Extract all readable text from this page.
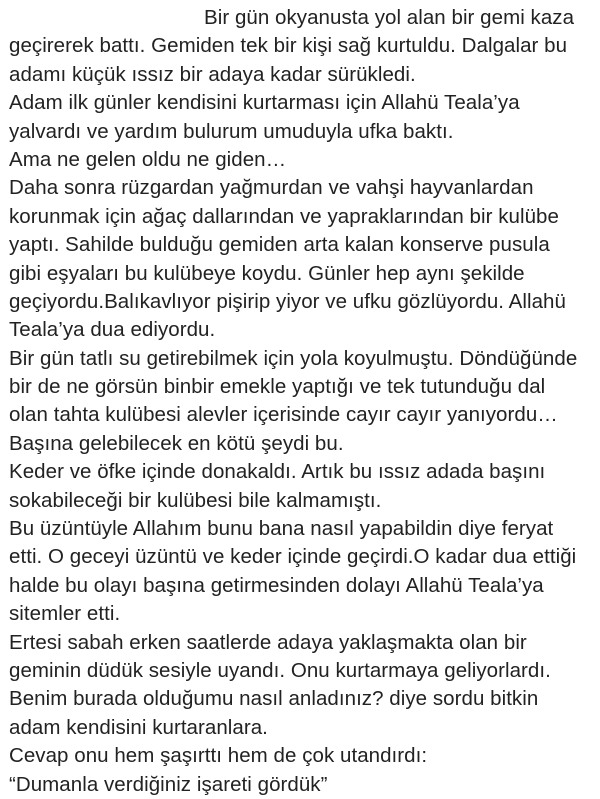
Bir gün okyanusta yol alan bir gemi kaza
geçirerek battı. Gemiden tek bir kişi sağ kurtuldu. Dalgalar bu
adamı küçük ıssız bir adaya kadar sürükledi.
Adam ilk günler kendisini kurtarması için Allahü Teala’ya
yalvardı ve yardım bulurum umuduyla ufka baktı.
Ama ne gelen oldu ne giden…
Daha sonra rüzgardan yağmurdan ve vahşi hayvanlardan
korunmak için ağaç dallarından ve yapraklarından bir kulübe
yaptı. Sahilde bulduğu gemiden arta kalan konserve pusula
gibi eşyaları bu kulübeye koydu. Günler hep aynı şekilde
geçiyordu.Balıkavlıyor pişirip yiyor ve ufku gözlüyordu. Allahü
Teala’ya dua ediyordu.
Bir gün tatlı su getirebilmek için yola koyulmuştu. Döndüğünde
bir de ne görsün binbir emekle yaptığı ve tek tutunduğu dal
olan tahta kulübesi alevler içerisinde cayır cayır yanıyordu…
Başına gelebilecek en kötü şeydi bu.
Keder ve öfke içinde donakaldı. Artık bu ıssız adada başını
sokabileceği bir kulübesi bile kalmamıştı.
Bu üzüntüyle Allahım bunu bana nasıl yapabildin diye feryat
etti. O geceyi üzüntü ve keder içinde geçirdi.O kadar dua ettiği
halde bu olayı başına getirmesinden dolayı Allahü Teala’ya
sitemler etti.
Ertesi sabah erken saatlerde adaya yaklaşmakta olan bir
geminin düdük sesiyle uyandı. Onu kurtarmaya geliyorlardı.
Benim burada olduğumu nasıl anladınız? diye sordu bitkin
adam kendisini kurtaranlara.
Cevap onu hem şaşırttı hem de çok utandırdı:
“Dumanla verdiğiniz işareti gördük”
